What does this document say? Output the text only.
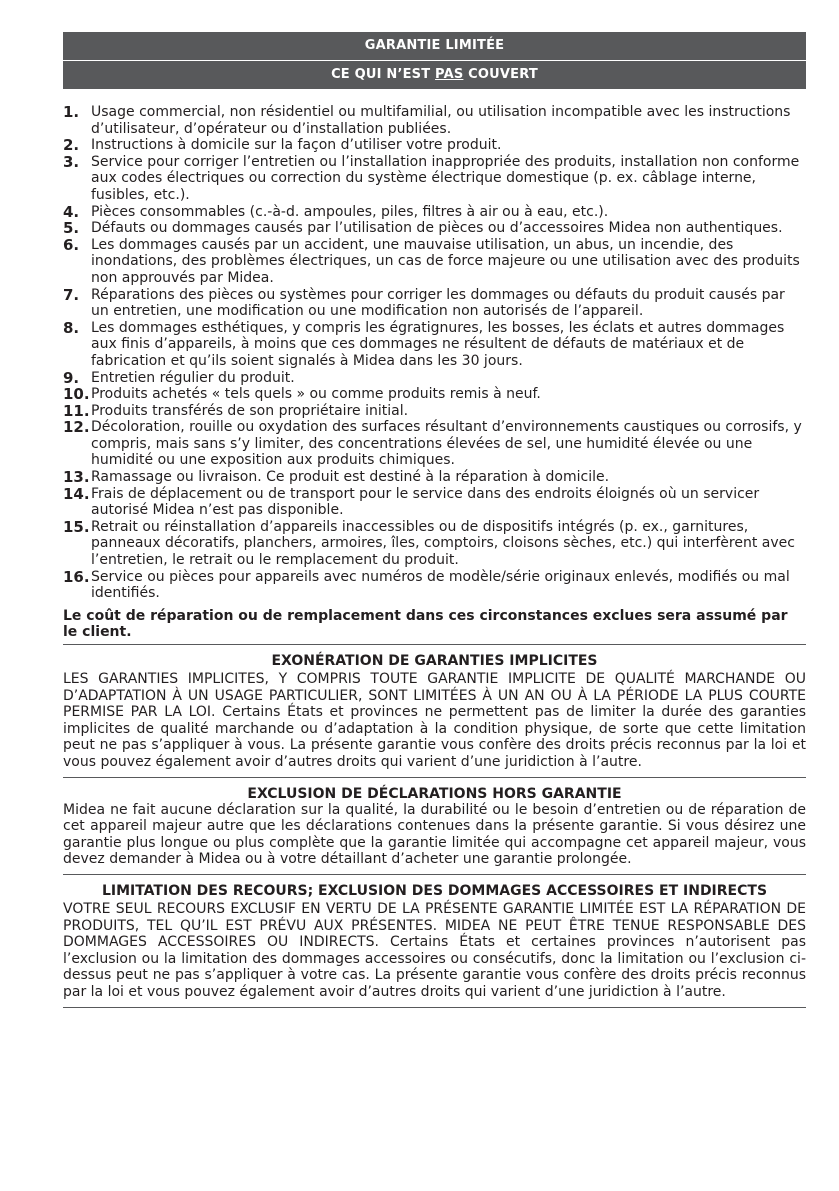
GARANTIE LIMITÉE
CE QUI N’EST PAS COUVERT
1. Usage commercial, non résidentiel ou multifamilial, ou utilisation incompatible avec les instructions d’utilisateur, d’opérateur ou d’installation publiées.
2. Instructions à domicile sur la façon d’utiliser votre produit.
3. Service pour corriger l’entretien ou l’installation inappropriée des produits, installation non conforme aux codes électriques ou correction du système électrique domestique (p. ex. câblage interne, fusibles, etc.).
4. Pièces consommables (c.-à-d. ampoules, piles, filtres à air ou à eau, etc.).
5. Défauts ou dommages causés par l’utilisation de pièces ou d’accessoires Midea non authentiques.
6. Les dommages causés par un accident, une mauvaise utilisation, un abus, un incendie, des inondations, des problèmes électriques, un cas de force majeure ou une utilisation avec des produits non approuvés par Midea.
7. Réparations des pièces ou systèmes pour corriger les dommages ou défauts du produit causés par un entretien, une modification ou une modification non autorisés de l’appareil.
8. Les dommages esthétiques, y compris les égratignures, les bosses, les éclats et autres dommages aux finis d’appareils, à moins que ces dommages ne résultent de défauts de matériaux et de fabrication et qu’ils soient signalés à Midea dans les 30 jours.
9. Entretien régulier du produit.
10. Produits achetés « tels quels » ou comme produits remis à neuf.
11. Produits transférés de son propriétaire initial.
12. Décoloration, rouille ou oxydation des surfaces résultant d’environnements caustiques ou corrosifs, y compris, mais sans s’y limiter, des concentrations élevées de sel, une humidité élevée ou une humidité ou une exposition aux produits chimiques.
13. Ramassage ou livraison. Ce produit est destiné à la réparation à domicile.
14. Frais de déplacement ou de transport pour le service dans des endroits éloignés où un servicer autorisé Midea n’est pas disponible.
15. Retrait ou réinstallation d’appareils inaccessibles ou de dispositifs intégrés (p. ex., garnitures, panneaux décoratifs, planchers, armoires, îles, comptoirs, cloisons sèches, etc.) qui interfèrent avec l’entretien, le retrait ou le remplacement du produit.
16. Service ou pièces pour appareils avec numéros de modèle/série originaux enlevés, modifiés ou mal identifiés.
Le coût de réparation ou de remplacement dans ces circonstances exclues sera assumé par le client.
EXONÉRATION DE GARANTIES IMPLICITES
LES GARANTIES IMPLICITES, Y COMPRIS TOUTE GARANTIE IMPLICITE DE QUALITÉ MARCHANDE OU D’ADAPTATION À UN USAGE PARTICULIER, SONT LIMITÉES À UN AN OU À LA PÉRIODE LA PLUS COURTE PERMISE PAR LA LOI. Certains États et provinces ne permettent pas de limiter la durée des garanties implicites de qualité marchande ou d’adaptation à la condition physique, de sorte que cette limitation peut ne pas s’appliquer à vous. La présente garantie vous confère des droits précis reconnus par la loi et vous pouvez également avoir d’autres droits qui varient d’une juridiction à l’autre.
EXCLUSION DE DÉCLARATIONS HORS GARANTIE
Midea ne fait aucune déclaration sur la qualité, la durabilité ou le besoin d’entretien ou de réparation de cet appareil majeur autre que les déclarations contenues dans la présente garantie. Si vous désirez une garantie plus longue ou plus complète que la garantie limitée qui accompagne cet appareil majeur, vous devez demander à Midea ou à votre détaillant d’acheter une garantie prolongée.
LIMITATION DES RECOURS; EXCLUSION DES DOMMAGES ACCESSOIRES ET INDIRECTS
VOTRE SEUL RECOURS EXCLUSIF EN VERTU DE LA PRÉSENTE GARANTIE LIMITÉE EST LA RÉPARATION DE PRODUITS, TEL QU’IL EST PRÉVU AUX PRÉSENTES. MIDEA NE PEUT ÊTRE TENUE RESPONSABLE DES DOMMAGES ACCESSOIRES OU INDIRECTS. Certains États et certaines provinces n’autorisent pas l’exclusion ou la limitation des dommages accessoires ou consécutifs, donc la limitation ou l’exclusion ci-dessus peut ne pas s’appliquer à votre cas. La présente garantie vous confère des droits précis reconnus par la loi et vous pouvez également avoir d’autres droits qui varient d’une juridiction à l’autre.
